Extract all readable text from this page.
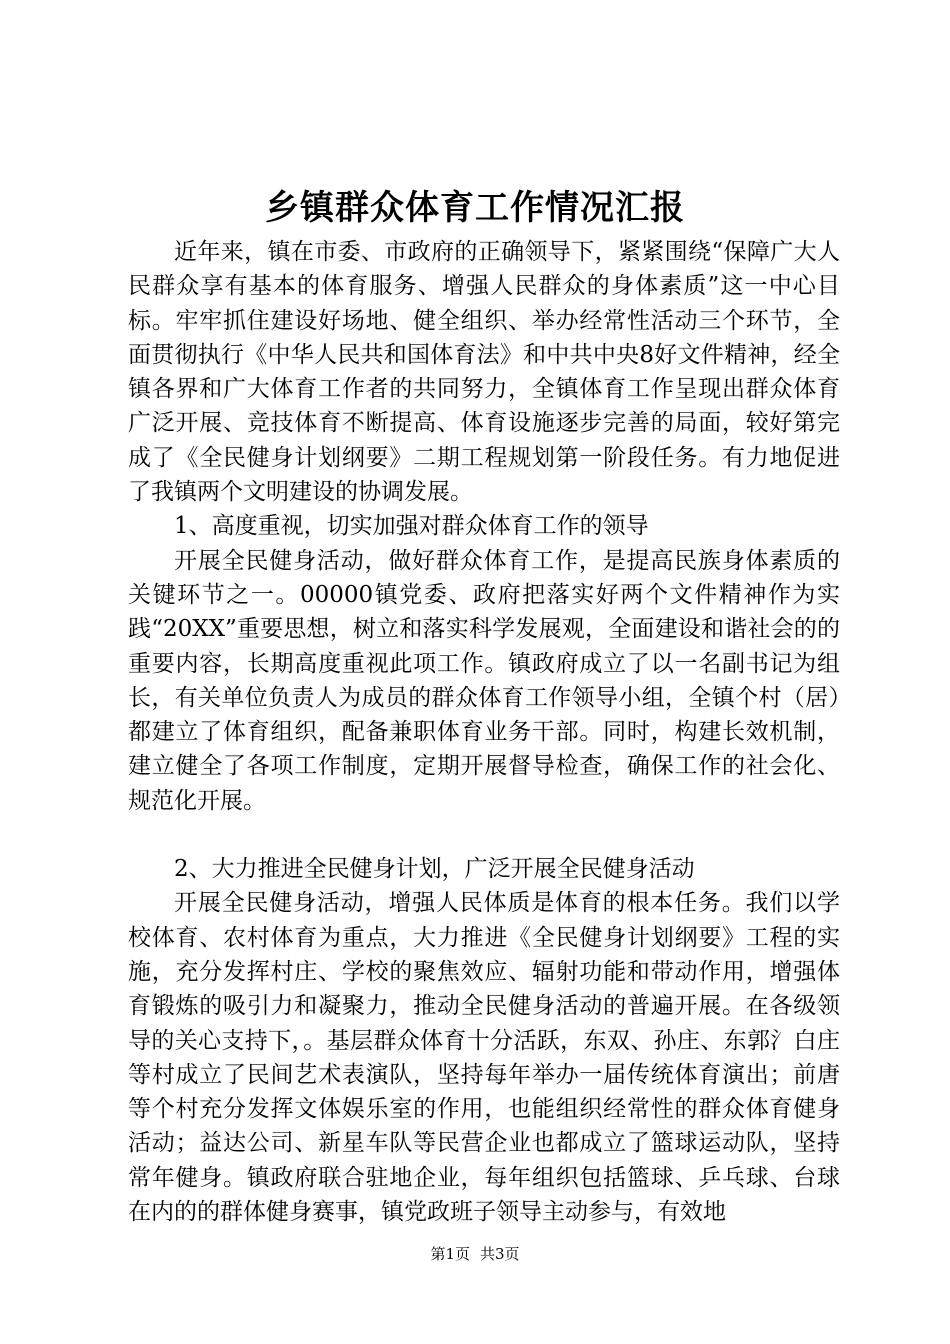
乡镇群众体育工作情况汇报

近年来，镇在市委、市政府的正确领导下，紧紧围绕“保障广大人民群众享有基本的体育服务、增强人民群众的身体素质”这一中心目标。牢牢抓住建设好场地、健全组织、举办经常性活动三个环节，全面贯彻执行《中华人民共和国体育法》和中共中央8好文件精神，经全镇各界和广大体育工作者的共同努力，全镇体育工作呈现出群众体育广泛开展、竞技体育不断提高、体育设施逐步完善的局面，较好第完成了《全民健身计划纲要》二期工程规划第一阶段任务。有力地促进了我镇两个文明建设的协调发展。

1、高度重视，切实加强对群众体育工作的领导

开展全民健身活动，做好群众体育工作，是提高民族身体素质的关键环节之一。00000镇党委、政府把落实好两个文件精神作为实践“20XX”重要思想，树立和落实科学发展观，全面建设和谐社会的的重要内容，长期高度重视此项工作。镇政府成立了以一名副书记为组长，有关单位负责人为成员的群众体育工作领导小组，全镇个村（居）都建立了体育组织，配备兼职体育业务干部。同时，构建长效机制，建立健全了各项工作制度，定期开展督导检查，确保工作的社会化、规范化开展。

2、大力推进全民健身计划，广泛开展全民健身活动

开展全民健身活动，增强人民体质是体育的根本任务。我们以学校体育、农村体育为重点，大力推进《全民健身计划纲要》工程的实施，充分发挥村庄、学校的聚焦效应、辐射功能和带动作用，增强体育锻炼的吸引力和凝聚力，推动全民健身活动的普遍开展。在各级领导的关心支持下，。基层群众体育十分活跃，东双、孙庄、东郭氵白庄等村成立了民间艺术表演队，坚持每年举办一届传统体育演出；前唐等个村充分发挥文体娱乐室的作用，也能组织经常性的群众体育健身活动；益达公司、新星车队等民营企业也都成立了篮球运动队，坚持常年健身。镇政府联合驻地企业，每年组织包括篮球、乒乓球、台球在内的的群体健身赛事，镇党政班子领导主动参与，有效地

第1页 共3页
